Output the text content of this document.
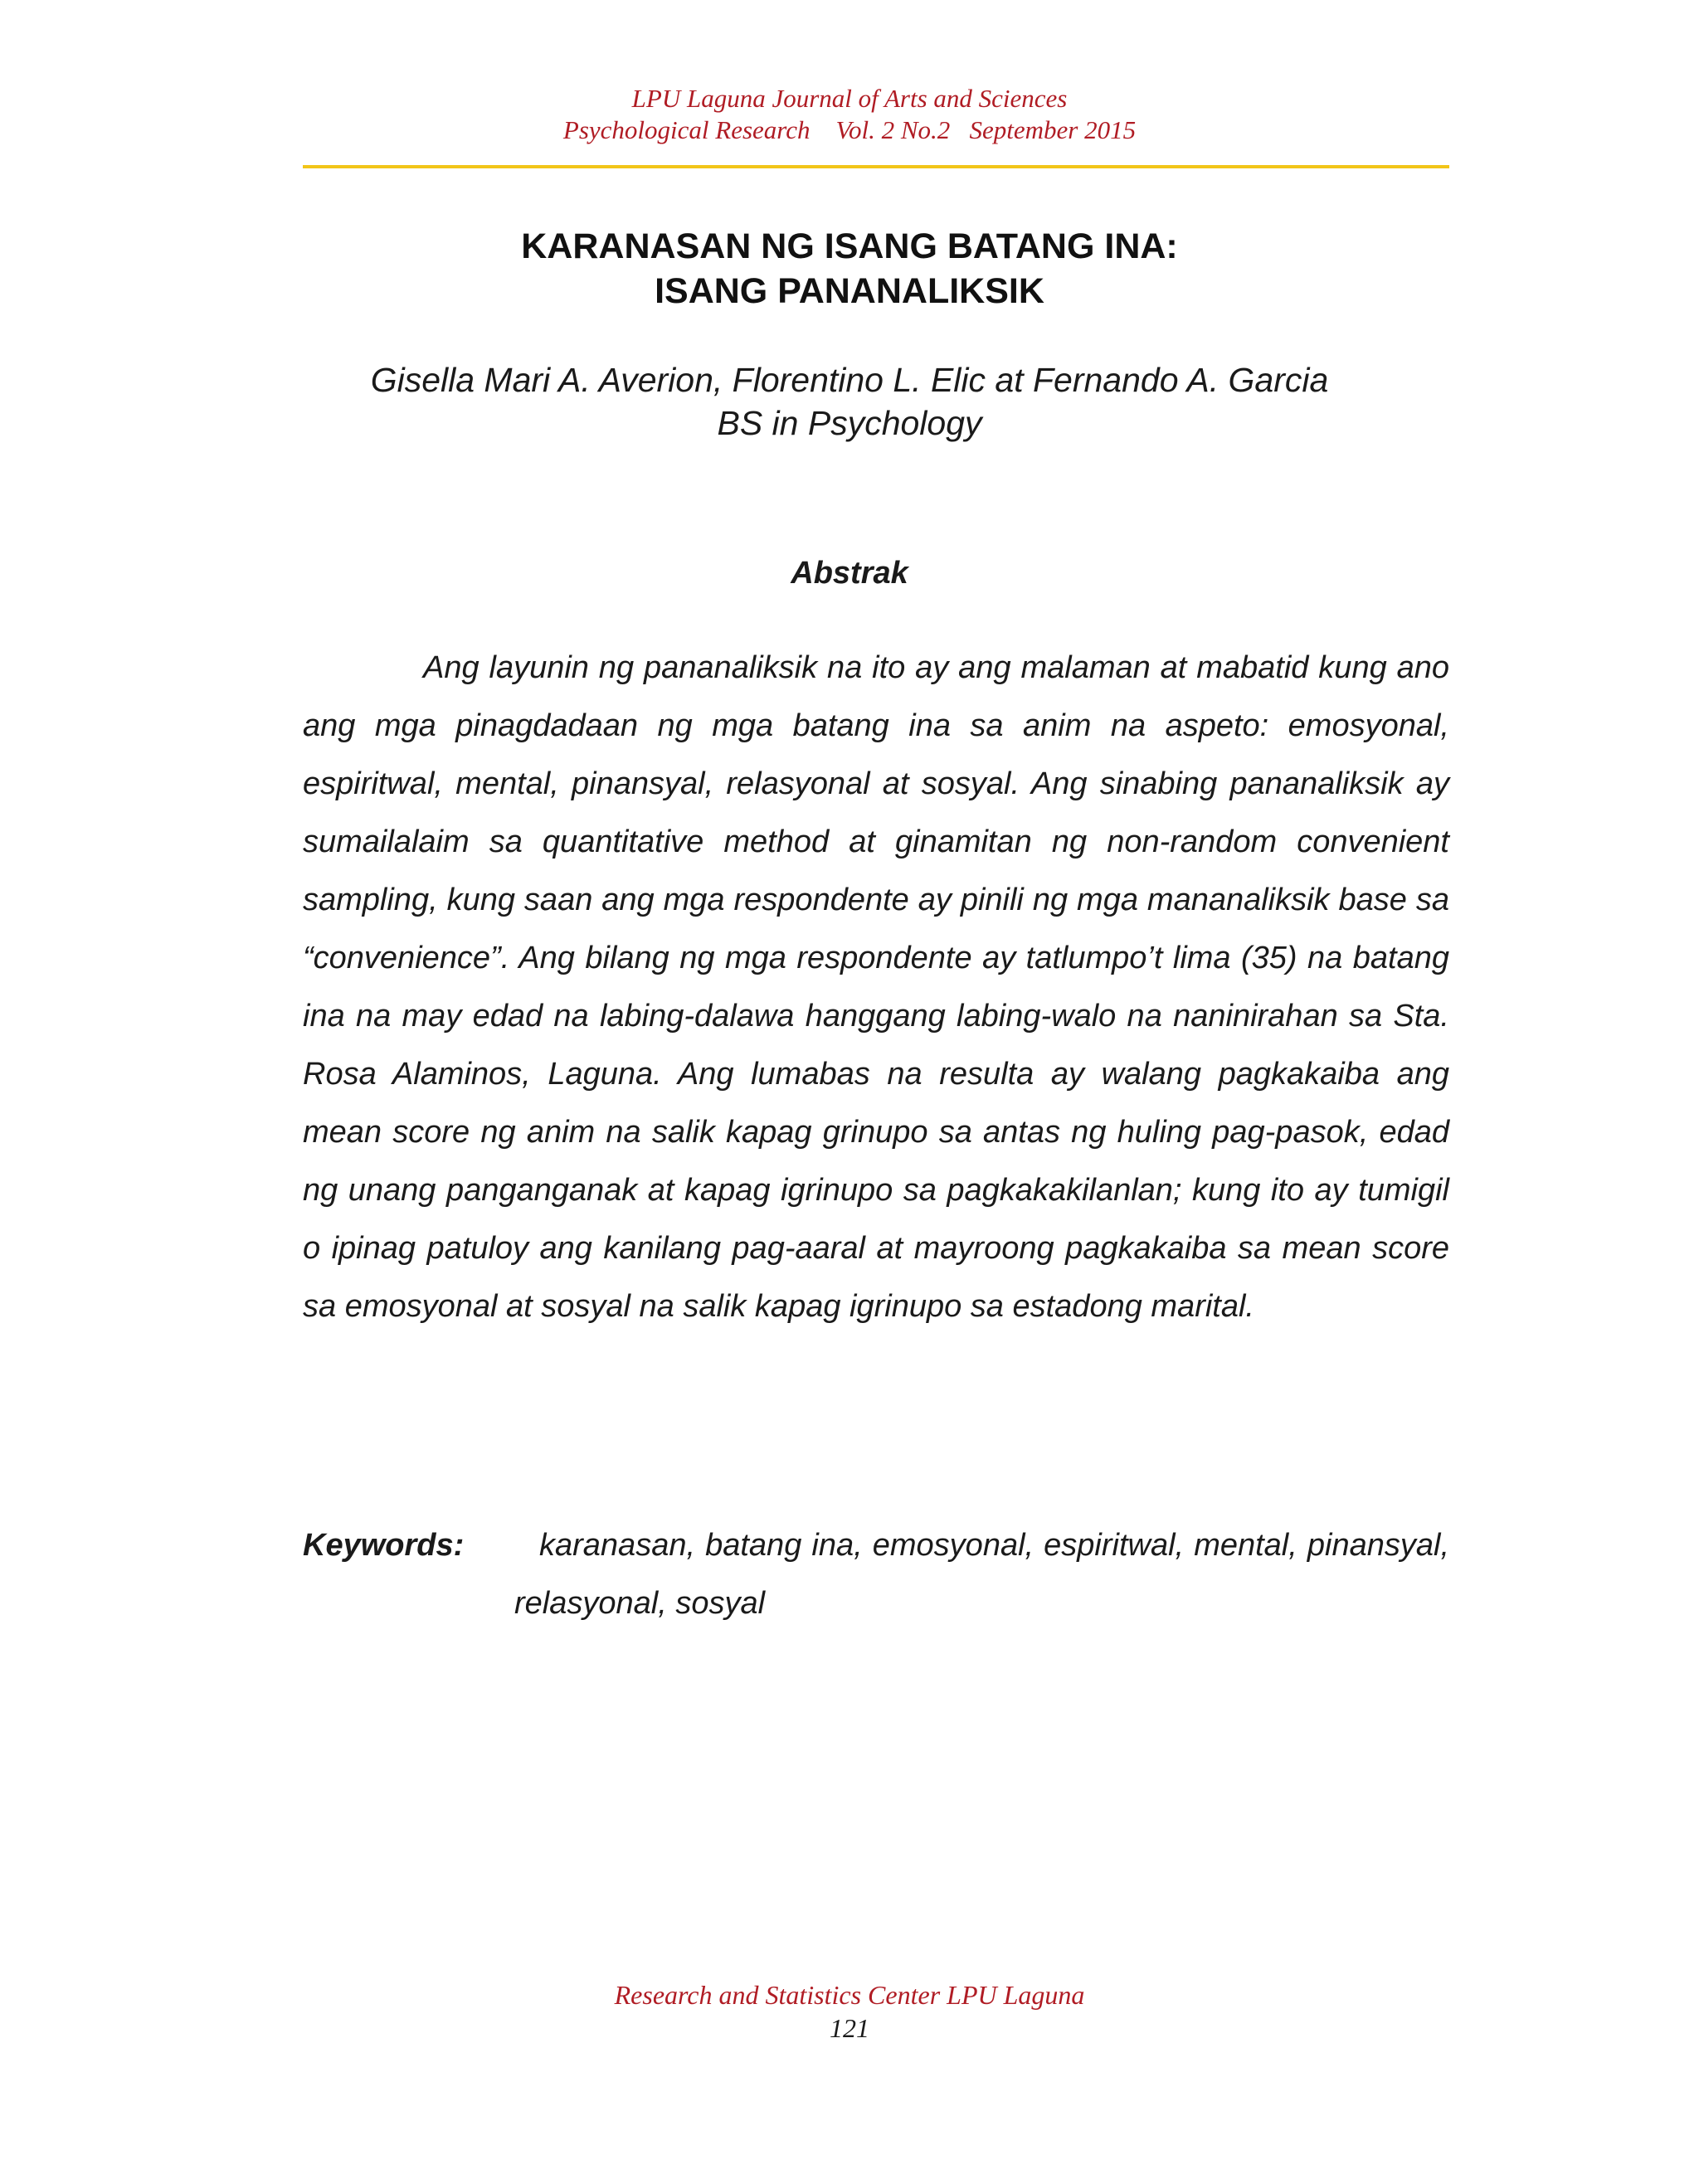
LPU Laguna Journal of Arts and Sciences
Psychological Research Vol. 2 No.2 September 2015
KARANASAN NG ISANG BATANG INA:
ISANG PANANALIKSIK
Gisella Mari A. Averion, Florentino L. Elic at Fernando A. Garcia
BS in Psychology
Abstrak

Ang layunin ng pananaliksik na ito ay ang malaman at mabatid kung ano ang mga pinagdadaan ng mga batang ina sa anim na aspeto: emosyonal, espiritwal, mental, pinansyal, relasyonal at sosyal. Ang sinabing pananaliksik ay sumailalaim sa quantitative method at ginamitan ng non-random convenient sampling, kung saan ang mga respondente ay pinili ng mga mananaliksik base sa “convenience”. Ang bilang ng mga respondente ay tatlumpo’t lima (35) na batang ina na may edad na labing-dalawa hanggang labing-walo na naninirahan sa Sta. Rosa Alaminos, Laguna. Ang lumabas na resulta ay walang pagkakaiba ang mean score ng anim na salik kapag grinupo sa antas ng huling pag-pasok, edad ng unang panganganak at kapag igrinupo sa pagkakakilanlan; kung ito ay tumigil o ipinag patuloy ang kanilang pag-aaral at mayroong pagkakaiba sa mean score sa emosyonal at sosyal na salik kapag igrinupo sa estadong marital.

Keywords:	karanasan, batang ina, emosyonal, espiritwal, mental, pinansyal, relasyonal, sosyal

Research and Statistics Center LPU Laguna
121
